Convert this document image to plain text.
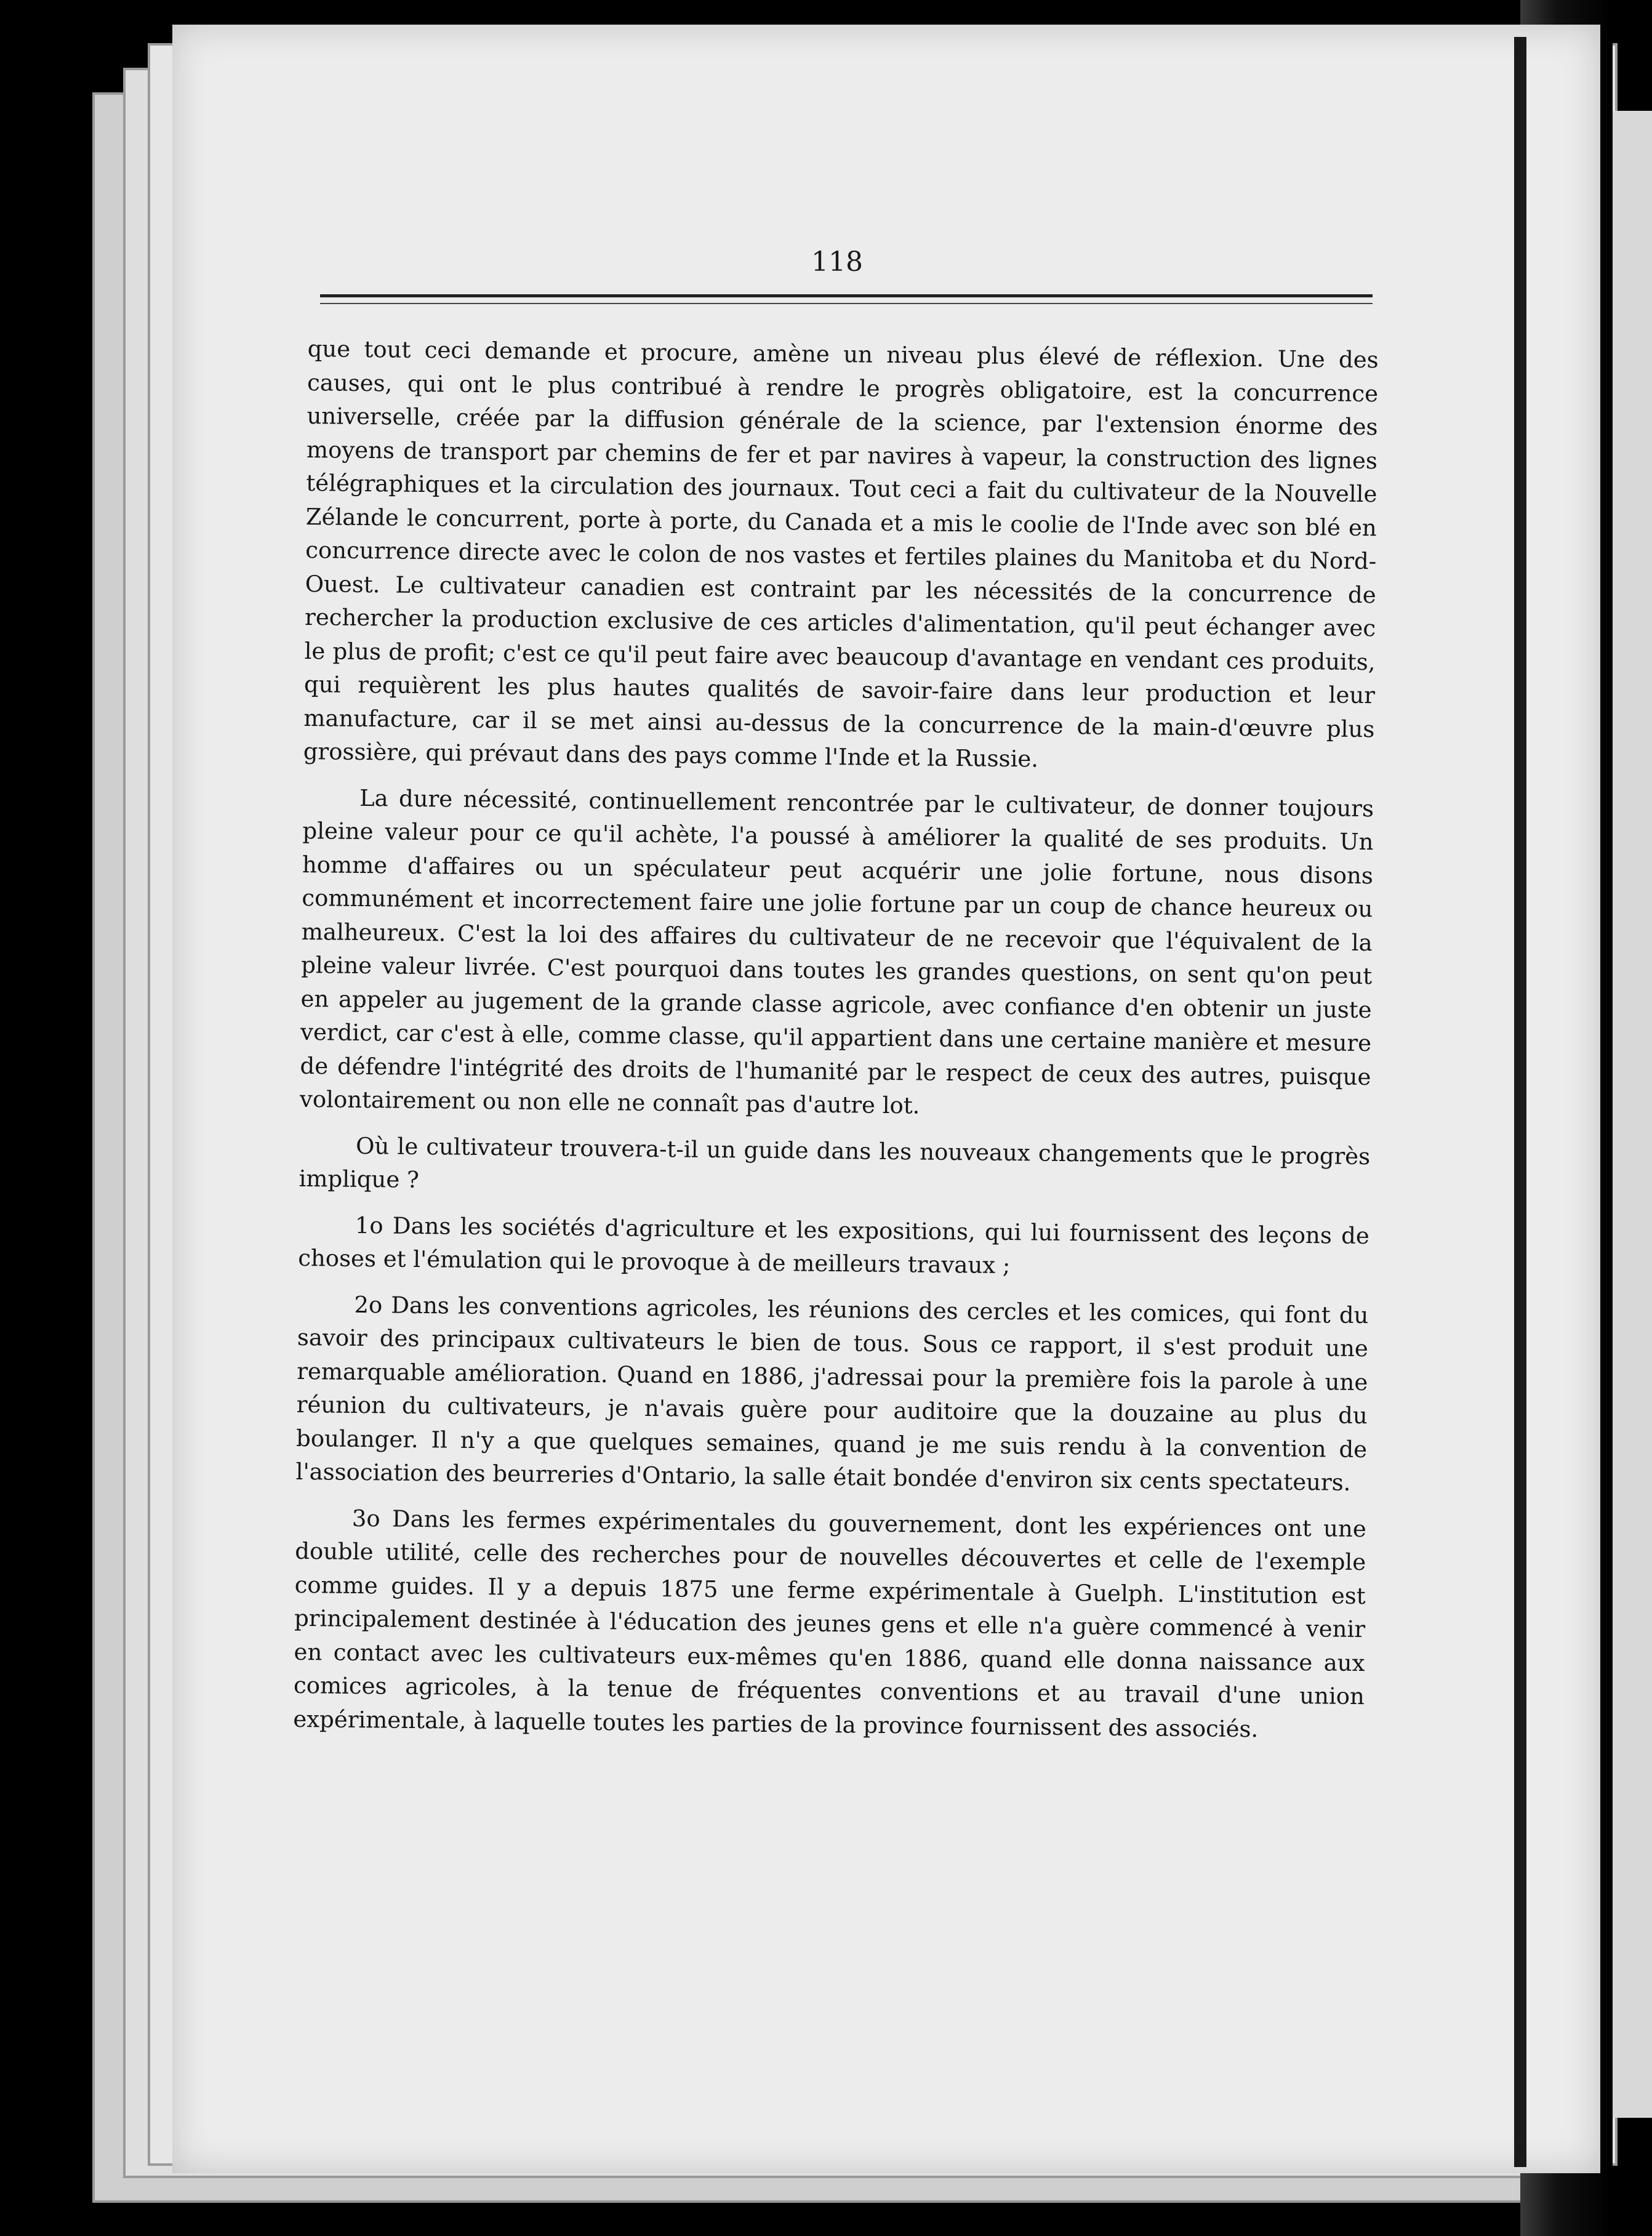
118

que tout ceci demande et procure, amène un niveau plus élevé de réflexion. Une des causes, qui ont le plus contribué à rendre le progrès obligatoire, est la concurrence universelle, créée par la diffusion générale de la science, par l'extension énorme des moyens de transport par chemins de fer et par navires à vapeur, la construction des lignes télégraphiques et la circulation des journaux. Tout ceci a fait du cultivateur de la Nouvelle Zélande le concurrent, porte à porte, du Canada et a mis le coolie de l'Inde avec son blé en concurrence directe avec le colon de nos vastes et fertiles plaines du Manitoba et du Nord-Ouest. Le cultivateur canadien est contraint par les nécessités de la concurrence de rechercher la production exclusive de ces articles d'alimentation, qu'il peut échanger avec le plus de profit; c'est ce qu'il peut faire avec beaucoup d'avantage en vendant ces produits, qui requièrent les plus hautes qualités de savoir-faire dans leur production et leur manufacture, car il se met ainsi au-dessus de la concurrence de la main-d'œuvre plus grossière, qui prévaut dans des pays comme l'Inde et la Russie.

La dure nécessité, continuellement rencontrée par le cultivateur, de donner toujours pleine valeur pour ce qu'il achète, l'a poussé à améliorer la qualité de ses produits. Un homme d'affaires ou un spéculateur peut acquérir une jolie fortune, nous disons communément et incorrectement faire une jolie fortune par un coup de chance heureux ou malheureux. C'est la loi des affaires du cultivateur de ne recevoir que l'équivalent de la pleine valeur livrée. C'est pourquoi dans toutes les grandes questions, on sent qu'on peut en appeler au jugement de la grande classe agricole, avec confiance d'en obtenir un juste verdict, car c'est à elle, comme classe, qu'il appartient dans une certaine manière et mesure de défendre l'intégrité des droits de l'humanité par le respect de ceux des autres, puisque volontairement ou non elle ne connaît pas d'autre lot.

Où le cultivateur trouvera-t-il un guide dans les nouveaux changements que le progrès implique ?

1o Dans les sociétés d'agriculture et les expositions, qui lui fournissent des leçons de choses et l'émulation qui le provoque à de meilleurs travaux ;

2o Dans les conventions agricoles, les réunions des cercles et les comices, qui font du savoir des principaux cultivateurs le bien de tous. Sous ce rapport, il s'est produit une remarquable amélioration. Quand en 1886, j'adressai pour la première fois la parole à une réunion du cultivateurs, je n'avais guère pour auditoire que la douzaine au plus du boulanger. Il n'y a que quelques semaines, quand je me suis rendu à la convention de l'association des beurreries d'Ontario, la salle était bondée d'environ six cents spectateurs.

3o Dans les fermes expérimentales du gouvernement, dont les expériences ont une double utilité, celle des recherches pour de nouvelles découvertes et celle de l'exemple comme guides. Il y a depuis 1875 une ferme expérimentale à Guelph. L'institution est principalement destinée à l'éducation des jeunes gens et elle n'a guère commencé à venir en contact avec les cultivateurs eux-mêmes qu'en 1886, quand elle donna naissance aux comices agricoles, à la tenue de fréquentes conventions et au travail d'une union expérimentale, à laquelle toutes les parties de la province fournissent des associés.
